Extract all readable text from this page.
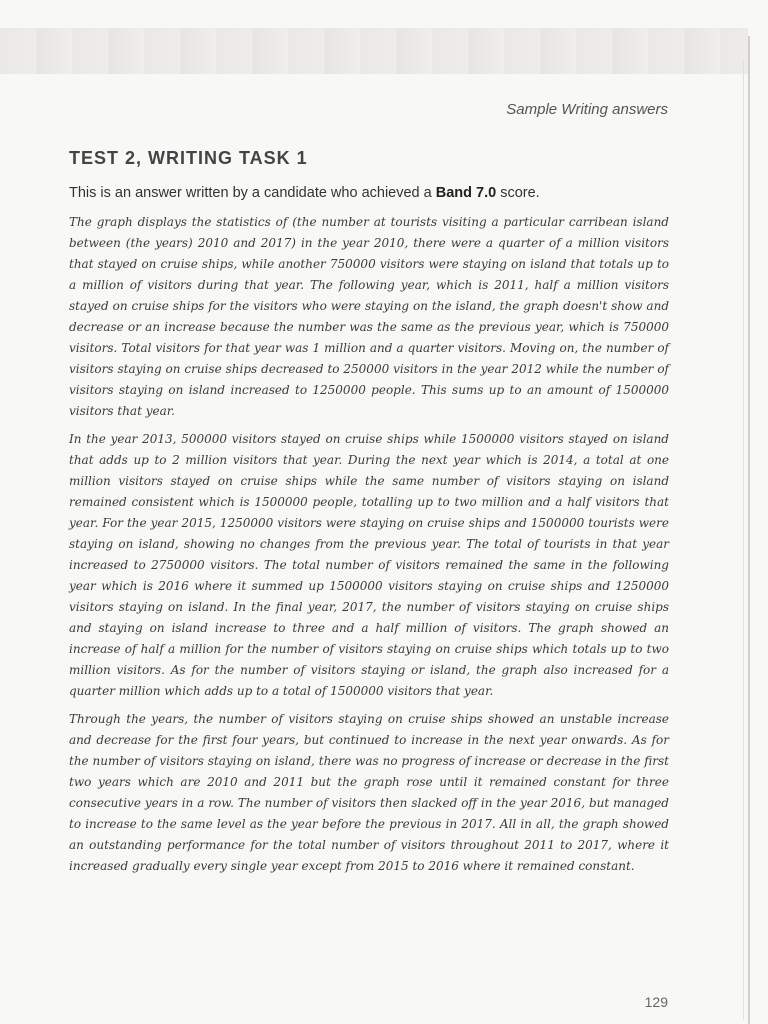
Sample Writing answers
TEST 2, WRITING TASK 1
This is an answer written by a candidate who achieved a Band 7.0 score.

The graph displays the statistics of (the number at tourists visiting a particular carribean island between (the years) 2010 and 2017) in the year 2010, there were a quarter of a million visitors that stayed on cruise ships, while another 750000 visitors were staying on island that totals up to a million of visitors during that year. The following year, which is 2011, half a million visitors stayed on cruise ships for the visitors who were staying on the island, the graph doesn't show and decrease or an increase because the number was the same as the previous year, which is 750000 visitors. Total visitors for that year was 1 million and a quarter visitors. Moving on, the number of visitors staying on cruise ships decreased to 250000 visitors in the year 2012 while the number of visitors staying on island increased to 1250000 people. This sums up to an amount of 1500000 visitors that year.

In the year 2013, 500000 visitors stayed on cruise ships while 1500000 visitors stayed on island that adds up to 2 million visitors that year. During the next year which is 2014, a total at one million visitors stayed on cruise ships while the same number of visitors staying on island remained consistent which is 1500000 people, totalling up to two million and a half visitors that year. For the year 2015, 1250000 visitors were staying on cruise ships and 1500000 tourists were staying on island, showing no changes from the previous year. The total of tourists in that year increased to 2750000 visitors. The total number of visitors remained the same in the following year which is 2016 where it summed up 1500000 visitors staying on cruise ships and 1250000 visitors staying on island. In the final year, 2017, the number of visitors staying on cruise ships and staying on island increase to three and a half million of visitors. The graph showed an increase of half a million for the number of visitors staying on cruise ships which totals up to two million visitors. As for the number of visitors staying or island, the graph also increased for a quarter million which adds up to a total of 1500000 visitors that year.

Through the years, the number of visitors staying on cruise ships showed an unstable increase and decrease for the first four years, but continued to increase in the next year onwards. As for the number of visitors staying on island, there was no progress of increase or decrease in the first two years which are 2010 and 2011 but the graph rose until it remained constant for three consecutive years in a row. The number of visitors then slacked off in the year 2016, but managed to increase to the same level as the year before the previous in 2017. All in all, the graph showed an outstanding performance for the total number of visitors throughout 2011 to 2017, where it increased gradually every single year except from 2015 to 2016 where it remained constant.

129
